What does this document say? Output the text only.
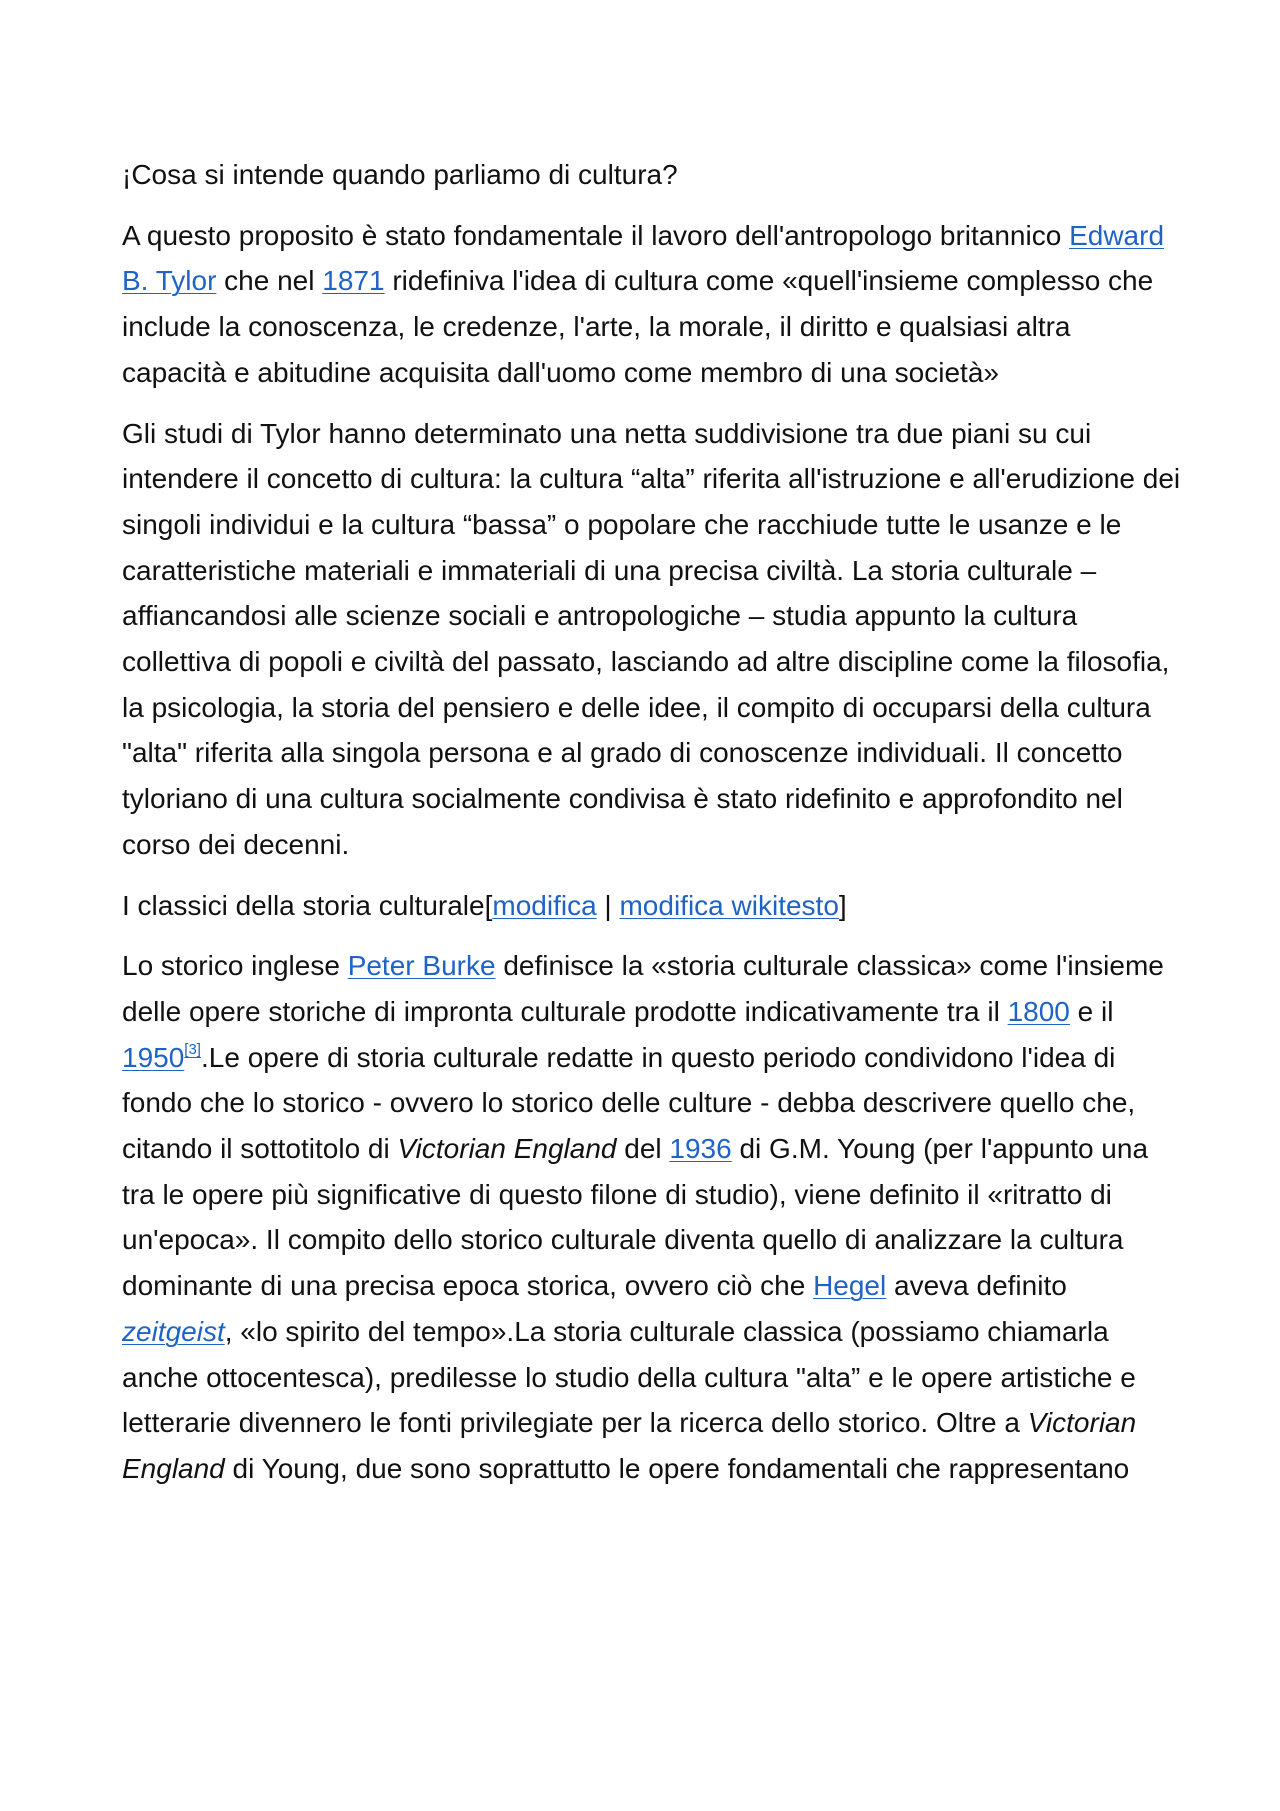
¡Cosa si intende quando parliamo di cultura?

A questo proposito è stato fondamentale il lavoro dell'antropologo britannico Edward B. Tylor che nel 1871 ridefiniva l'idea di cultura come «quell'insieme complesso che include la conoscenza, le credenze, l'arte, la morale, il diritto e qualsiasi altra capacità e abitudine acquisita dall'uomo come membro di una società»

Gli studi di Tylor hanno determinato una netta suddivisione tra due piani su cui intendere il concetto di cultura: la cultura “alta” riferita all'istruzione e all'erudizione dei singoli individui e la cultura “bassa” o popolare che racchiude tutte le usanze e le caratteristiche materiali e immateriali di una precisa civiltà. La storia culturale – affiancandosi alle scienze sociali e antropologiche – studia appunto la cultura collettiva di popoli e civiltà del passato, lasciando ad altre discipline come la filosofia, la psicologia, la storia del pensiero e delle idee, il compito di occuparsi della cultura "alta" riferita alla singola persona e al grado di conoscenze individuali. Il concetto tyloriano di una cultura socialmente condivisa è stato ridefinito e approfondito nel corso dei decenni.

I classici della storia culturale[modifica | modifica wikitesto]

Lo storico inglese Peter Burke definisce la «storia culturale classica» come l'insieme delle opere storiche di impronta culturale prodotte indicativamente tra il 1800 e il 1950[3].Le opere di storia culturale redatte in questo periodo condividono l'idea di fondo che lo storico - ovvero lo storico delle culture - debba descrivere quello che, citando il sottotitolo di Victorian England del 1936 di G.M. Young (per l'appunto una tra le opere più significative di questo filone di studio), viene definito il «ritratto di un'epoca». Il compito dello storico culturale diventa quello di analizzare la cultura dominante di una precisa epoca storica, ovvero ciò che Hegel aveva definito zeitgeist, «lo spirito del tempo».La storia culturale classica (possiamo chiamarla anche ottocentesca), predilesse lo studio della cultura "alta” e le opere artistiche e letterarie divennero le fonti privilegiate per la ricerca dello storico. Oltre a Victorian England di Young, due sono soprattutto le opere fondamentali che rappresentano
